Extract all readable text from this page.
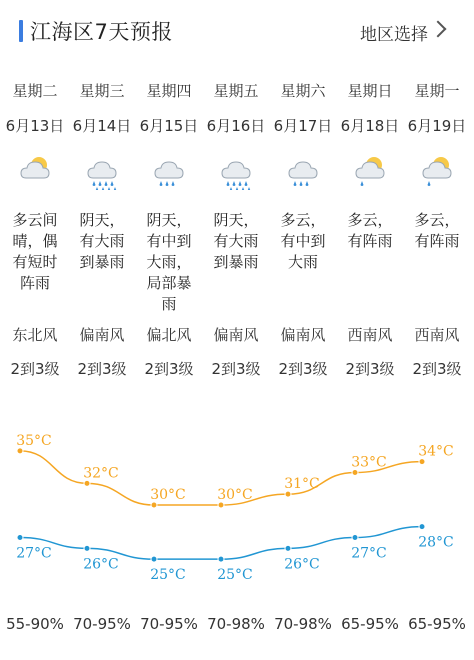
江海区7天预报	地区选择
星期二
6月13日
多云间晴，偶有短时阵雨
东北风
2到3级
55-90%
星期三
6月14日
阴天，有大雨到暴雨
偏南风
2到3级
70-95%
星期四
6月15日
阴天，有中到大雨，局部暴雨
偏北风
2到3级
70-95%
星期五
6月16日
阴天，有大雨到暴雨
偏南风
2到3级
70-98%
星期六
6月17日
多云，有中到大雨
偏南风
2到3级
70-98%
星期日
6月18日
多云，有阵雨
西南风
2到3级
65-95%
星期一
6月19日
多云，有阵雨
西南风
2到3级
65-95%
35°C
32°C
30°C 30°C
31°C
33°C
34°C
27°C
26°C
25°C 25°C
26°C
27°C
28°C
